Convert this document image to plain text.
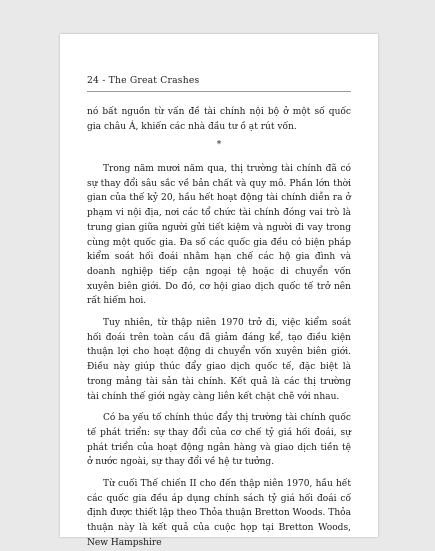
24 - The Great Crashes

nó bất nguồn từ vấn đề tài chính nội bộ ở một số quốc gia châu Á, khiến các nhà đầu tư ồ ạt rút vốn.

*

Trong năm mươi năm qua, thị trường tài chính đã có sự thay đổi sâu sắc về bản chất và quy mô. Phần lớn thời gian của thế kỷ 20, hầu hết hoạt động tài chính diễn ra ở phạm vi nội địa, nơi các tổ chức tài chính đóng vai trò là trung gian giữa người gửi tiết kiệm và người đi vay trong cùng một quốc gia. Đa số các quốc gia đều có biện pháp kiểm soát hối đoái nhằm hạn chế các hộ gia đình và doanh nghiệp tiếp cận ngoại tệ hoặc di chuyển vốn xuyên biên giới. Do đó, cơ hội giao dịch quốc tế trở nên rất hiếm hoi.

Tuy nhiên, từ thập niên 1970 trở đi, việc kiểm soát hối đoái trên toàn cầu đã giảm đáng kể, tạo điều kiện thuận lợi cho hoạt động di chuyển vốn xuyên biên giới. Điều này giúp thúc đẩy giao dịch quốc tế, đặc biệt là trong mảng tài sản tài chính. Kết quả là các thị trường tài chính thế giới ngày càng liên kết chặt chẽ với nhau.

Có ba yếu tố chính thúc đẩy thị trường tài chính quốc tế phát triển: sự thay đổi của cơ chế tỷ giá hối đoái, sự phát triển của hoạt động ngân hàng và giao dịch tiền tệ ở nước ngoài, sự thay đổi về hệ tư tưởng.

Từ cuối Thế chiến II cho đến thập niên 1970, hầu hết các quốc gia đều áp dụng chính sách tỷ giá hối đoái cố định được thiết lập theo Thỏa thuận Bretton Woods. Thỏa thuận này là kết quả của cuộc họp tại Bretton Woods, New Hampshire
